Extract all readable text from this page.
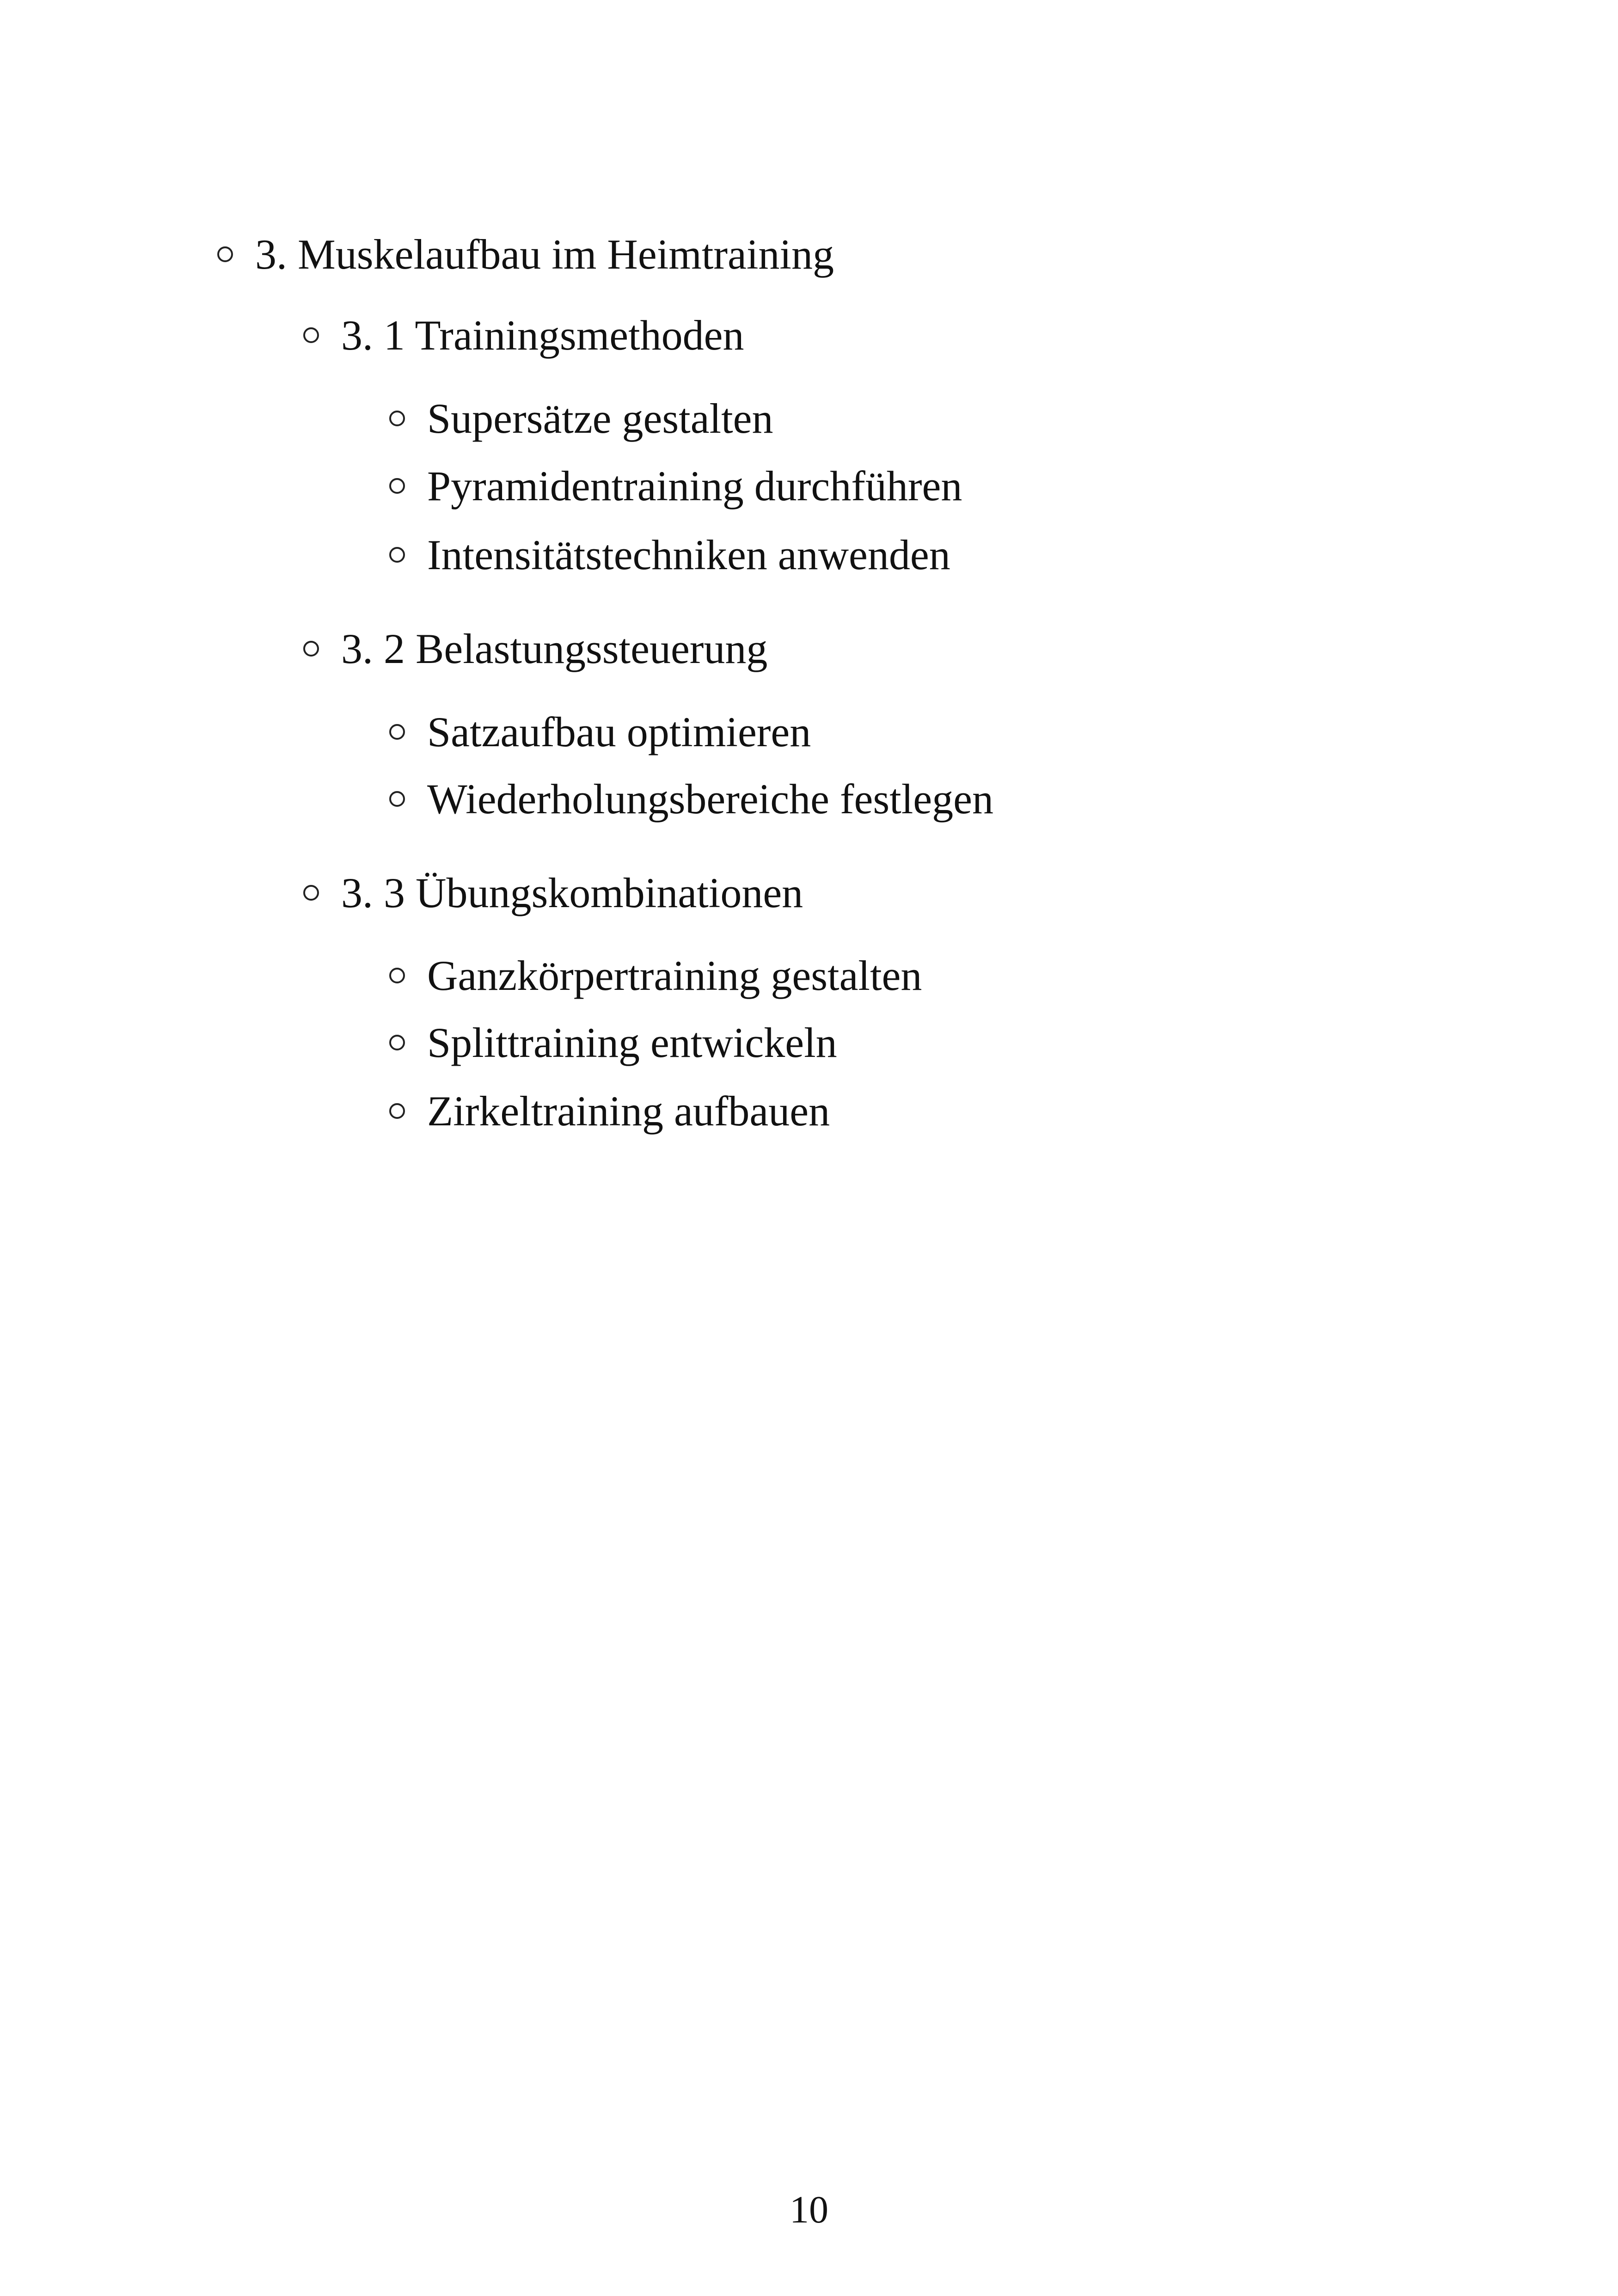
3. Muskelaufbau im Heimtraining
3. 1 Trainingsmethoden
Supersätze gestalten
Pyramidentraining durchführen
Intensitätstechniken anwenden
3. 2 Belastungssteuerung
Satzaufbau optimieren
Wiederholungsbereiche festlegen
3. 3 Übungskombinationen
Ganzkörpertraining gestalten
Splittraining entwickeln
Zirkeltraining aufbauen
10
